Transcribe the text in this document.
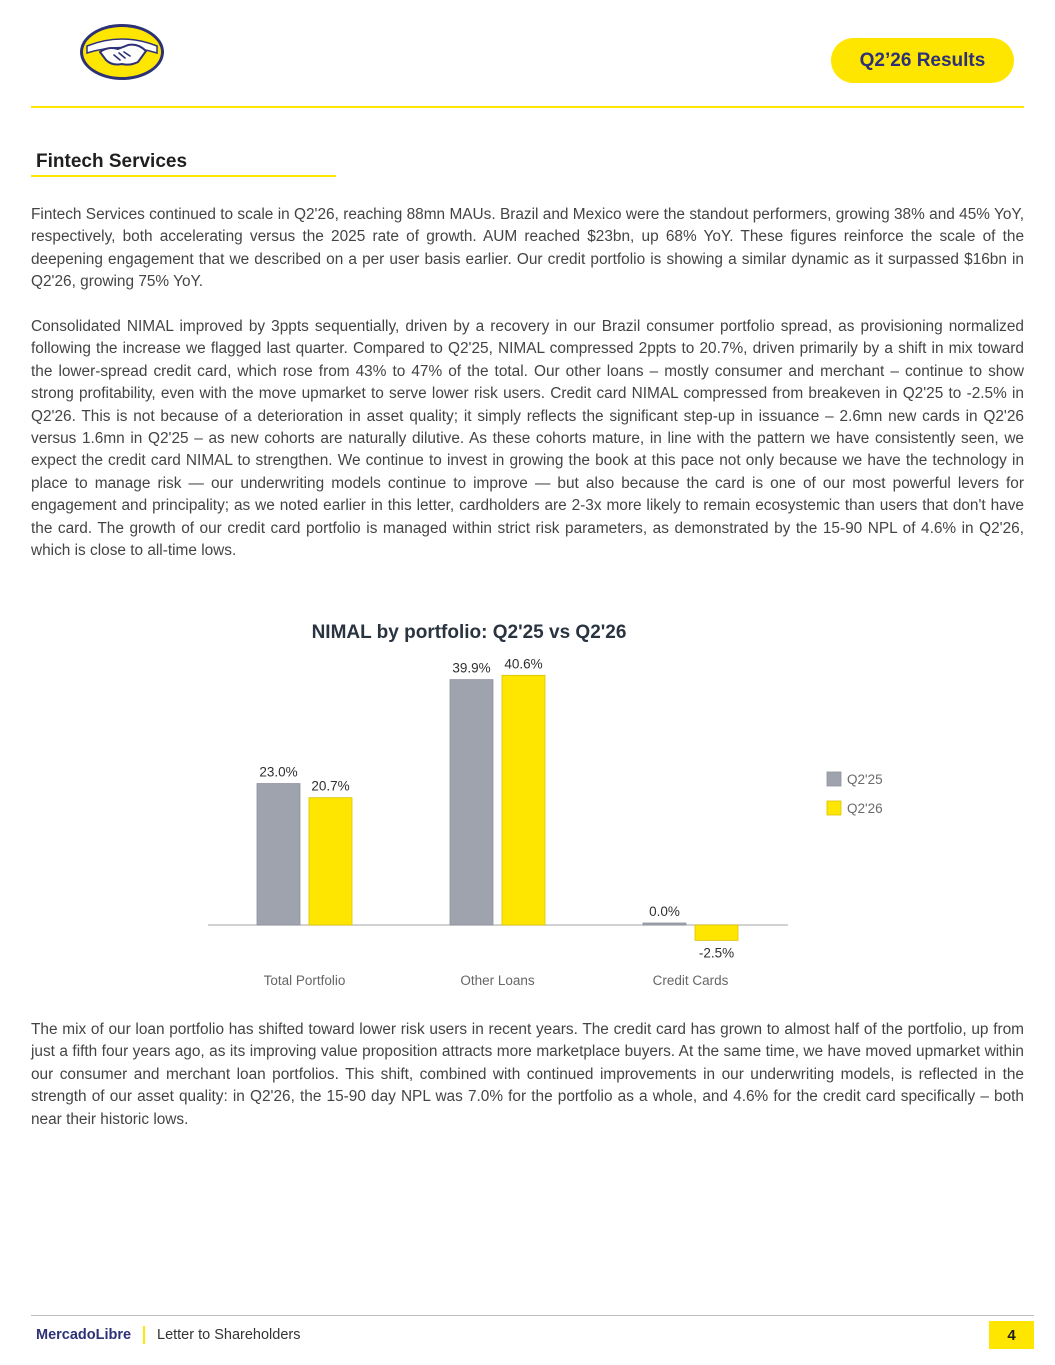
Q2’26 Results
Fintech Services

Fintech Services continued to scale in Q2'26, reaching 88mn MAUs. Brazil and Mexico were the standout performers, growing 38% and 45% YoY, respectively, both accelerating versus the 2025 rate of growth. AUM reached $23bn, up 68% YoY. These figures reinforce the scale of the deepening engagement that we described on a per user basis earlier. Our credit portfolio is showing a similar dynamic as it surpassed $16bn in Q2'26, growing 75% YoY.

Consolidated NIMAL improved by 3ppts sequentially, driven by a recovery in our Brazil consumer portfolio spread, as provisioning normalized following the increase we flagged last quarter. Compared to Q2'25, NIMAL compressed 2ppts to 20.7%, driven primarily by a shift in mix toward the lower-spread credit card, which rose from 43% to 47% of the total. Our other loans – mostly consumer and merchant – continue to show strong profitability, even with the move upmarket to serve lower risk users. Credit card NIMAL compressed from breakeven in Q2'25 to -2.5% in Q2'26. This is not because of a deterioration in asset quality; it simply reflects the significant step-up in issuance – 2.6mn new cards in Q2'26 versus 1.6mn in Q2'25 – as new cohorts are naturally dilutive. As these cohorts mature, in line with the pattern we have consistently seen, we expect the credit card NIMAL to strengthen. We continue to invest in growing the book at this pace not only because we have the technology in place to manage risk — our underwriting models continue to improve — but also because the card is one of our most powerful levers for engagement and principality; as we noted earlier in this letter, cardholders are 2-3x more likely to remain ecosystemic than users that don't have the card. The growth of our credit card portfolio is managed within strict risk parameters, as demonstrated by the 15-90 NPL of 4.6% in Q2'26, which is close to all-time lows.

NIMAL by portfolio: Q2'25 vs Q2'26
23.0%
20.7%
Total Portfolio
39.9% 40.6%
Other Loans
0.0%
-2.5%
Credit Cards
Q2'25
Q2'26

The mix of our loan portfolio has shifted toward lower risk users in recent years. The credit card has grown to almost half of the portfolio, up from just a fifth four years ago, as its improving value proposition attracts more marketplace buyers. At the same time, we have moved upmarket within our consumer and merchant loan portfolios. This shift, combined with continued improvements in our underwriting models, is reflected in the strength of our asset quality: in Q2'26, the 15-90 day NPL was 7.0% for the portfolio as a whole, and 4.6% for the credit card specifically – both near their historic lows.

MercadoLibre Letter to Shareholders	4
